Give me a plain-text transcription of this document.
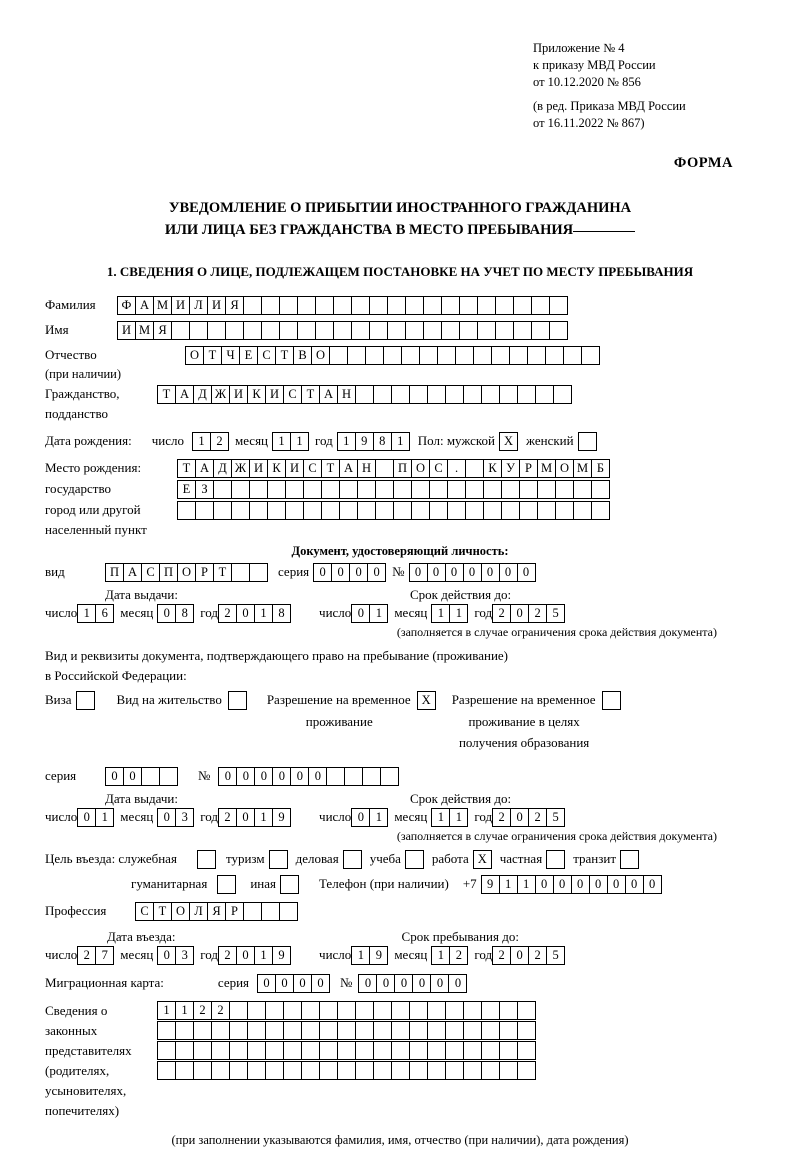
Приложение № 4
к приказу МВД России
от 10.12.2020 № 856
(в ред. Приказа МВД России
от 16.11.2022 № 867)
ФОРМА
УВЕДОМЛЕНИЕ О ПРИБЫТИИ ИНОСТРАННОГО ГРАЖДАНИНА
ИЛИ ЛИЦА БЕЗ ГРАЖДАНСТВА В МЕСТО ПРЕБЫВАНИЯ
1. СВЕДЕНИЯ О ЛИЦЕ, ПОДЛЕЖАЩЕМ ПОСТАНОВКЕ НА УЧЕТ ПО МЕСТУ ПРЕБЫВАНИЯ
Фамилия	Ф А М И Л И Я
Имя	И М Я
Отчество	О Т Ч Е С Т В О
(при наличии)
Гражданство,	Т А Д Ж И К И С Т А Н
подданство
Дата рождения: число	1 2 месяц 1 1 год 1 9 8 1	Пол: мужской Х женский
Место рождения:	Т А Д Ж И К И С Т А Н	П О С .	К У Р М О М Б
государство	Е З
город или другой
населенный пункт
Документ, удостоверяющий личность:
вид	П А С П О Р Т	серия 0 0 0 0 № 0 0 0 0 0 0 0
Дата выдачи:	Срок действия до:
число 1 6 месяц 0 8 год 2 0 1 8	число 0 1 месяц 1 1 год 2 0 2 5
(заполняется в случае ограничения срока действия документа)
Вид и реквизиты документа, подтверждающего право на пребывание (проживание)
в Российской Федерации:
Виза	Вид на жительство	Разрешение на временное Х
проживание
Разрешение на временное
проживание в целях
получения образования
серия	0 0	№	0 0 0 0 0 0
Дата выдачи:	Срок действия до:
число 0 1 месяц 0 3 год 2 0 1 9	число 0 1 месяц 1 1 год 2 0 2 5
(заполняется в случае ограничения срока действия документа)
Цель въезда: служебная	туризм деловая учеба работа Х частная транзит
гуманитарная	иная	Телефон (при наличии) +7 9 1 1 0 0 0 0 0 0 0
Профессия	С Т О Л Я Р
Дата въезда:	Срок пребывания до:
число 2 7 месяц 0 3 год 2 0 1 9	число 1 9 месяц 1 2 год 2 0 2 5
Миграционная карта:	серия	0 0 0 0	№ 0 0 0 0 0 0
Сведения о
законных
представителях
(родителях,
усыновителях,
попечителях)
1 1 2 2
(при заполнении указываются фамилия, имя, отчество (при наличии), дата рождения)
